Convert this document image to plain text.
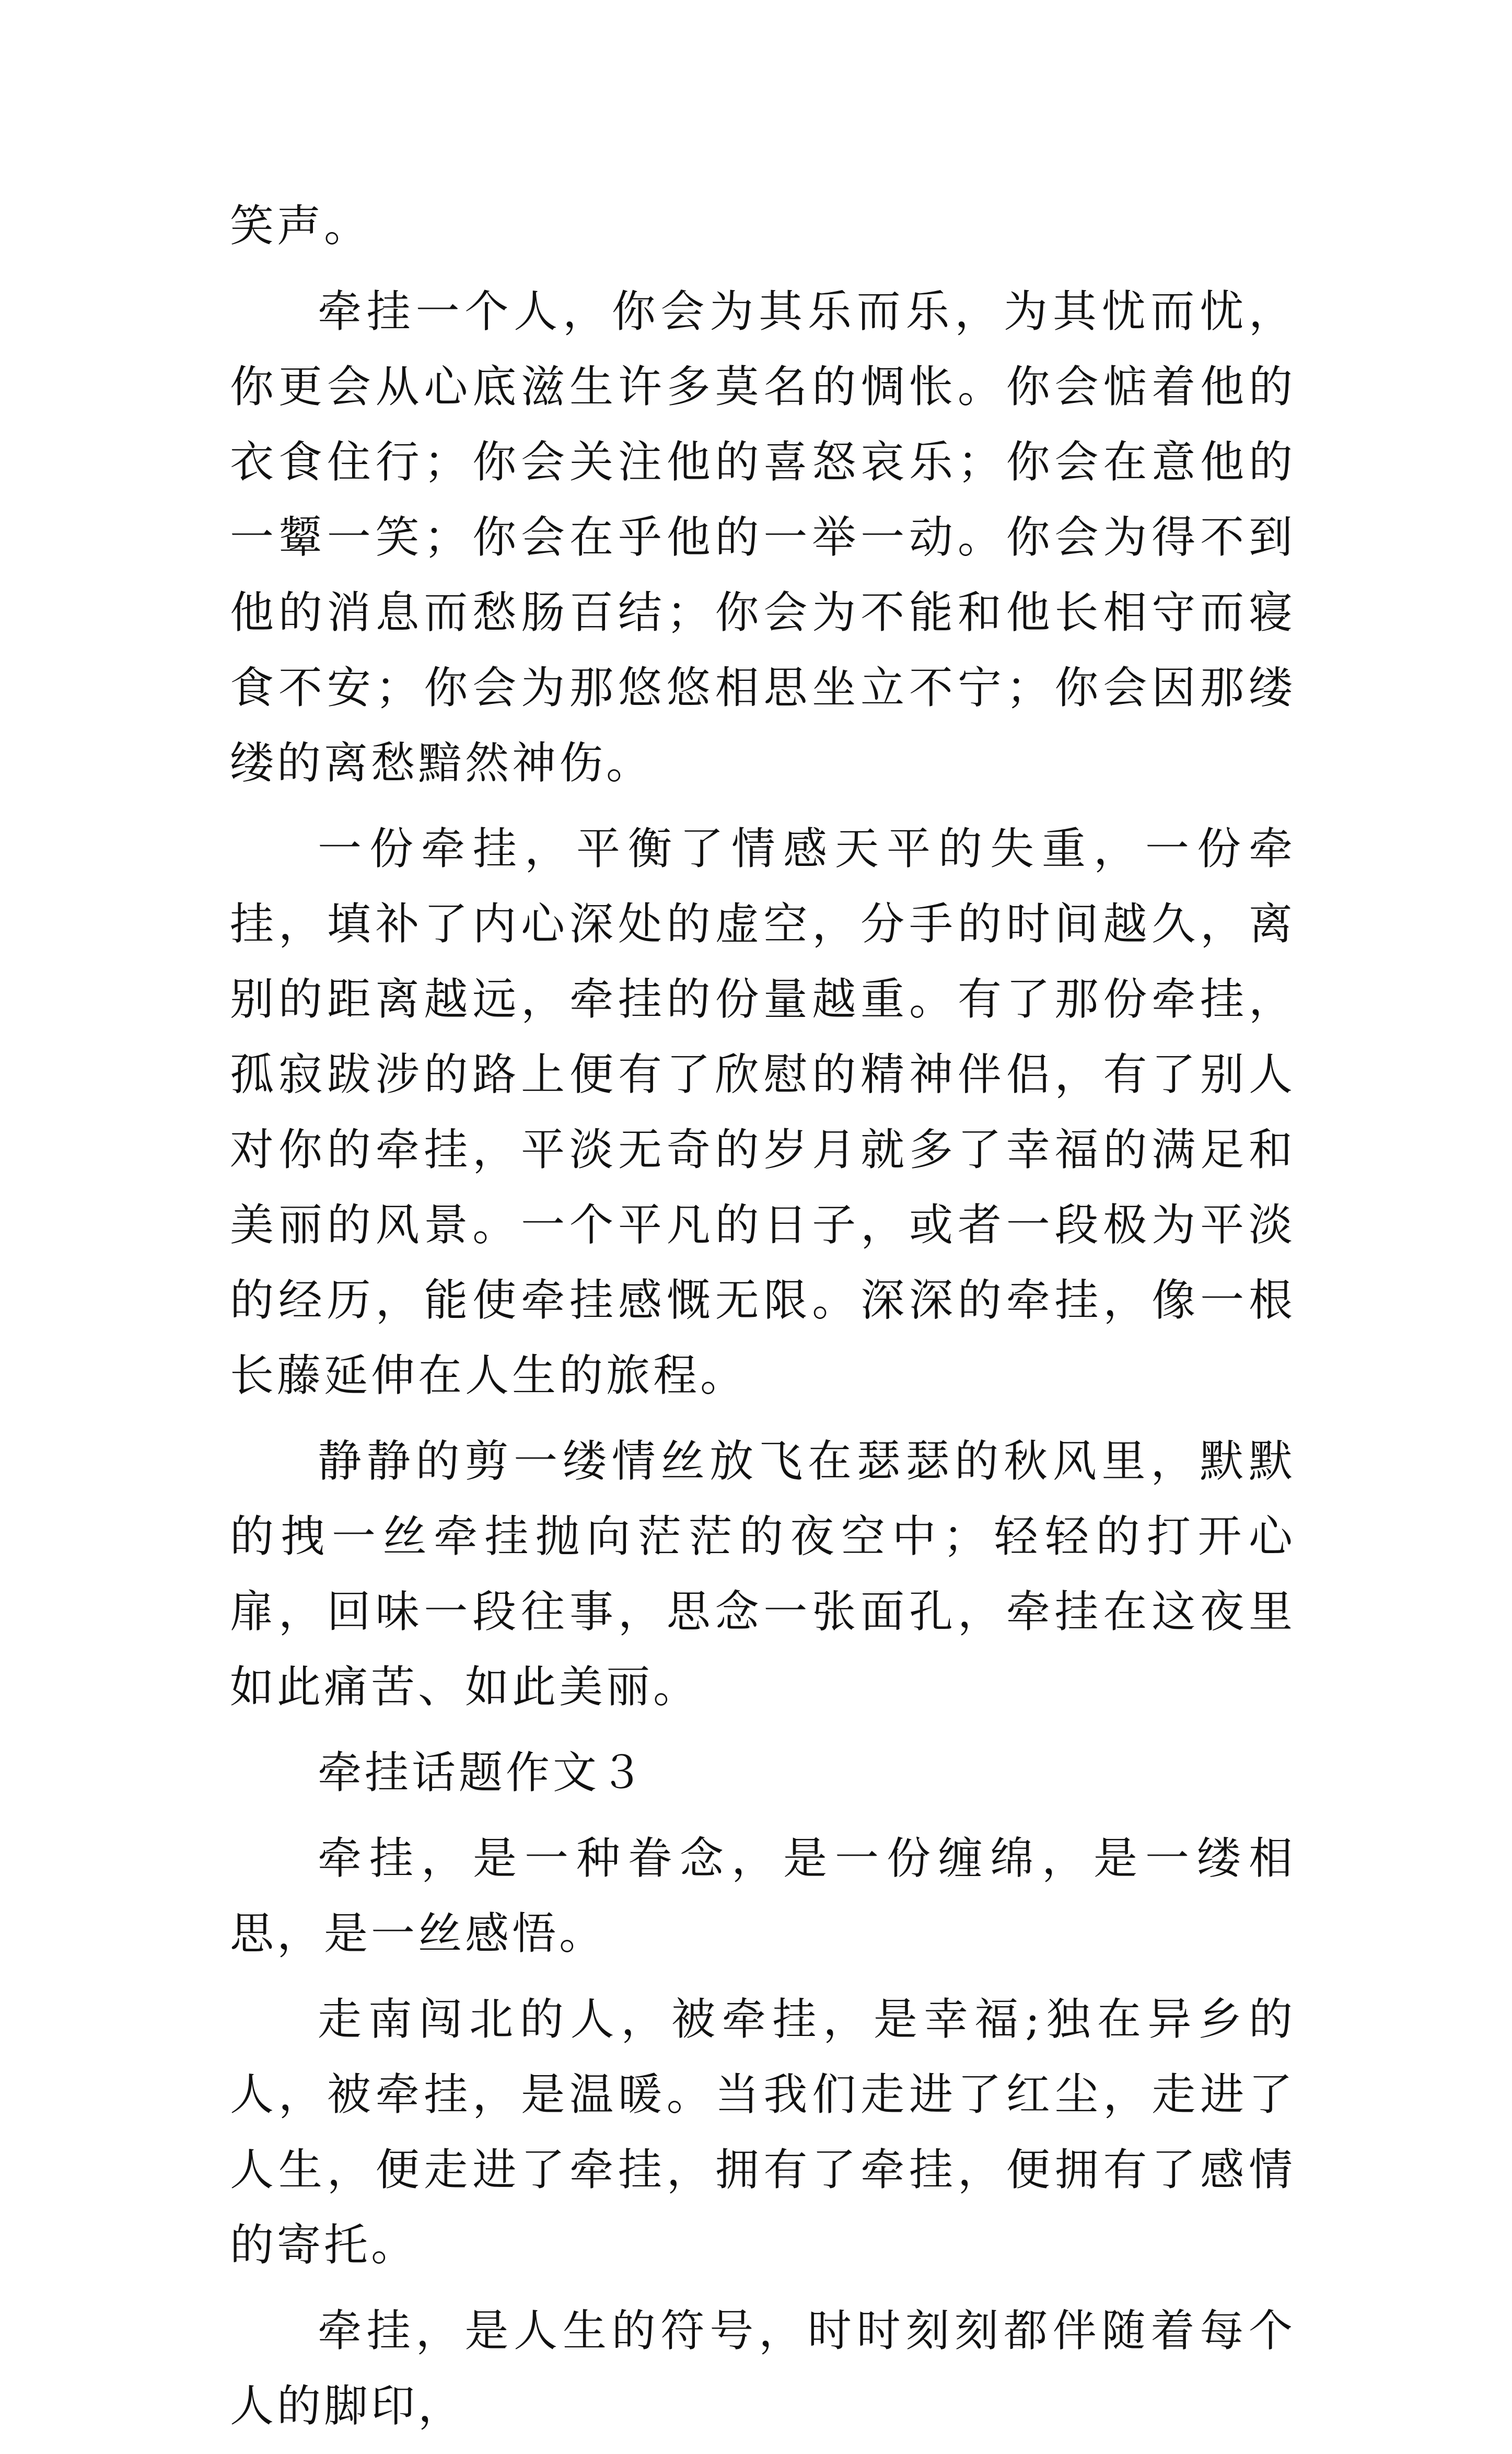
笑声。

牵挂一个人，你会为其乐而乐，为其忧而忧，你更会从心底滋生许多莫名的惆怅。你会惦着他的衣食住行；你会关注他的喜怒哀乐；你会在意他的一颦一笑；你会在乎他的一举一动。你会为得不到他的消息而愁肠百结；你会为不能和他长相守而寝食不安；你会为那悠悠相思坐立不宁；你会因那缕缕的离愁黯然神伤。

一份牵挂，平衡了情感天平的失重，一份牵挂，填补了内心深处的虚空，分手的时间越久，离别的距离越远，牵挂的份量越重。有了那份牵挂，孤寂跋涉的路上便有了欣慰的精神伴侣，有了别人对你的牵挂，平淡无奇的岁月就多了幸福的满足和美丽的风景。一个平凡的日子，或者一段极为平淡的经历，能使牵挂感慨无限。深深的牵挂，像一根长藤延伸在人生的旅程。

静静的剪一缕情丝放飞在瑟瑟的秋风里，默默的拽一丝牵挂抛向茫茫的夜空中；轻轻的打开心扉，回味一段往事，思念一张面孔，牵挂在这夜里如此痛苦、如此美丽。

牵挂话题作文３

牵挂，是一种眷念，是一份缠绵，是一缕相思，是一丝感悟。

走南闯北的人，被牵挂，是幸福;独在异乡的人，被牵挂，是温暖。当我们走进了红尘，走进了人生，便走进了牵挂，拥有了牵挂，便拥有了感情的寄托。

牵挂，是人生的符号，时时刻刻都伴随着每个人的脚印，
